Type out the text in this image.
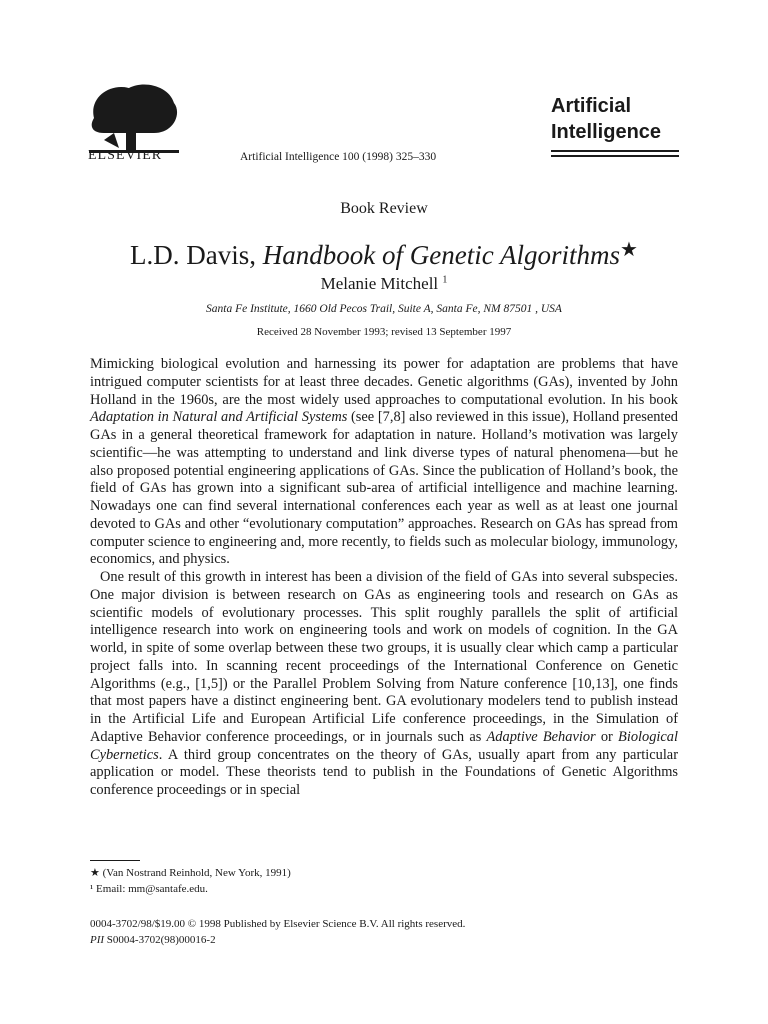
ELSEVIER	Artificial Intelligence 100 (1998) 325–330
Artificial
Intelligence
Book Review
L.D. Davis, Handbook of Genetic Algorithms★
Melanie Mitchell $^1$
Santa Fe Institute, 1660 Old Pecos Trail, Suite A, Santa Fe, NM 87501 , USA
Received 28 November 1993; revised 13 September 1997

Mimicking biological evolution and harnessing its power for adaptation are problems that have intrigued computer scientists for at least three decades. Genetic algorithms (GAs), invented by John Holland in the 1960s, are the most widely used approaches to computational evolution. In his book Adaptation in Natural and Artificial Systems (see [7,8] also reviewed in this issue), Holland presented GAs in a general theoretical framework for adaptation in nature. Holland’s motivation was largely scientific—he was attempting to understand and link diverse types of natural phenomena—but he also proposed potential engineering applications of GAs. Since the publication of Holland’s book, the field of GAs has grown into a significant sub-area of artificial intelligence and machine learning. Nowadays one can find several international conferences each year as well as at least one journal devoted to GAs and other “evolutionary computation” approaches. Research on GAs has spread from computer science to engineering and, more recently, to fields such as molecular biology, immunology, economics, and physics.

One result of this growth in interest has been a division of the field of GAs into several subspecies. One major division is between research on GAs as engineering tools and research on GAs as scientific models of evolutionary processes. This split roughly parallels the split of artificial intelligence research into work on engineering tools and work on models of cognition. In the GA world, in spite of some overlap between these two groups, it is usually clear which camp a particular project falls into. In scanning recent proceedings of the International Conference on Genetic Algorithms (e.g., [1,5]) or the Parallel Problem Solving from Nature conference [10,13], one finds that most papers have a distinct engineering bent. GA evolutionary modelers tend to publish instead in the Artificial Life and European Artificial Life conference proceedings, in the Simulation of Adaptive Behavior conference proceedings, or in journals such as Adaptive Behavior or Biological Cybernetics. A third group concentrates on the theory of GAs, usually apart from any particular application or model. These theorists tend to publish in the Foundations of Genetic Algorithms conference proceedings or in special

★ (Van Nostrand Reinhold, New York, 1991)
¹ Email: mm@santafe.edu.
0004-3702/98/$19.00 © 1998 Published by Elsevier Science B.V. All rights reserved.
PII S0004-3702(98)00016-2
